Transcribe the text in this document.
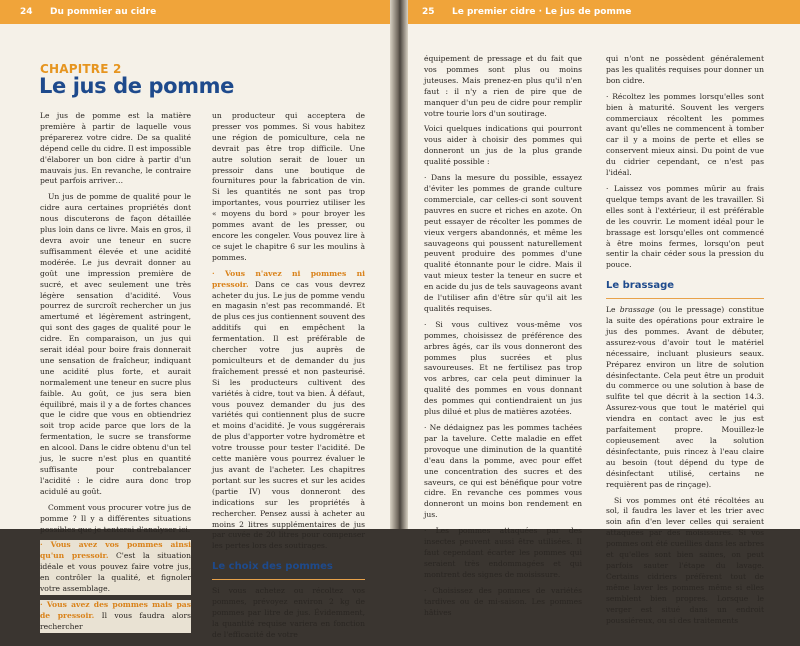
24 Du pommier au cidre
CHAPITRE 2
Le jus de pomme

Le jus de pomme est la matière première à partir de laquelle vous préparerez votre cidre. De sa qualité dépend celle du cidre. Il est impossible d'élaborer un bon cidre à partir d'un mauvais jus. En revanche, le contraire peut parfois arriver…

Un jus de pomme de qualité pour le cidre aura certaines propriétés dont nous discuterons de façon détaillée plus loin dans ce livre. Mais en gros, il devra avoir une teneur en sucre suffisamment élevée et une acidité modérée. Le jus devrait donner au goût une impression première de sucré, et avec seulement une très légère sensation d'acidité. Vous pourrez de surcroît rechercher un jus amertumé et légèrement astringent, qui sont des gages de qualité pour le cidre. En comparaison, un jus qui serait idéal pour boire frais donnerait une sensation de fraîcheur, indiquant une acidité plus forte, et aurait normalement une teneur en sucre plus faible. Au goût, ce jus sera bien équilibré, mais il y a de fortes chances que le cidre que vous en obtiendriez soit trop acide parce que lors de la fermentation, le sucre se transforme en alcool. Dans le cidre obtenu d'un tel jus, le sucre n'est plus en quantité suffisante pour contrebalancer l'acidité : le cidre aura donc trop acidulé au goût.

Comment vous procurer votre jus de pomme ? Il y a différentes situations possibles que je tenterai d'analyser ici.

· Vous avez vos pommes ainsi qu'un pressoir. C'est la situation idéale et vous pouvez faire votre jus, en contrôler la qualité, et fignoler votre assemblage.

· Vous avez des pommes mais pas de pressoir. Il vous faudra alors rechercher

un producteur qui acceptera de presser vos pommes. Si vous habitez une région de pomiculture, cela ne devrait pas être trop difficile. Une autre solution serait de louer un pressoir dans une boutique de fournitures pour la fabrication de vin. Si les quantités ne sont pas trop importantes, vous pourriez utiliser les « moyens du bord » pour broyer les pommes avant de les presser, ou encore les congeler. Vous pouvez lire à ce sujet le chapitre 6 sur les moulins à pommes.

· Vous n'avez ni pommes ni pressoir. Dans ce cas vous devrez acheter du jus. Le jus de pomme vendu en magasin n'est pas recommandé. Et de plus ces jus contiennent souvent des additifs qui en empêchent la fermentation. Il est préférable de chercher votre jus auprès de pomiculteurs et de demander du jus fraîchement pressé et non pasteurisé. Si les producteurs cultivent des variétés à cidre, tout va bien. À défaut, vous pouvez demander du jus des variétés qui contiennent plus de sucre et moins d'acidité. Je vous suggérerais de plus d'apporter votre hydromètre et votre trousse pour tester l'acidité. De cette manière vous pourrez évaluer le jus avant de l'acheter. Les chapitres portant sur les sucres et sur les acides (partie IV) vous donneront des indications sur les propriétés à rechercher. Pensez aussi à acheter au moins 2 litres supplémentaires de jus par cuvée de 20 litres pour compenser les pertes lors des soutirages.

Le choix des pommes

Si vous achetez ou récoltez vos pommes, prévoyez environ 2 kg de pommes par litre de jus. Évidemment, la quantité requise variera en fonction de l'efficacité de votre

25 Le premier cidre · Le jus de pomme

équipement de pressage et du fait que vos pommes sont plus ou moins juteuses. Mais prenez-en plus qu'il n'en faut : il n'y a rien de pire que de manquer d'un peu de cidre pour remplir votre tourie lors d'un soutirage.

Voici quelques indications qui pourront vous aider à choisir des pommes qui donneront un jus de la plus grande qualité possible :

· Dans la mesure du possible, essayez d'éviter les pommes de grande culture commerciale, car celles-ci sont souvent pauvres en sucre et riches en azote. On peut essayer de récolter les pommes de vieux vergers abandonnés, et même les sauvageons qui poussent naturellement peuvent produire des pommes d'une qualité étonnante pour le cidre. Mais il vaut mieux tester la teneur en sucre et en acide du jus de tels sauvageons avant de l'utiliser afin d'être sûr qu'il ait les qualités requises.

· Si vous cultivez vous-même vos pommes, choisissez de préférence des arbres âgés, car ils vous donneront des pommes plus sucrées et plus savoureuses. Et ne fertilisez pas trop vos arbres, car cela peut diminuer la qualité des pommes en vous donnant des pommes qui contiendraient un jus plus dilué et plus de matières azotées.

· Ne dédaignez pas les pommes tachées par la tavelure. Cette maladie en effet provoque une diminution de la quantité d'eau dans la pomme, avec pour effet une concentration des sucres et des saveurs, ce qui est bénéfique pour votre cidre. En revanche ces pommes vous donneront un moins bon rendement en jus.

· Les pommes attaquées par des insectes peuvent aussi être utilisées. Il faut cependant écarter les pommes qui seraient très endommagées et qui montrent des signes de moisissure.

· Choisissez des pommes de variétés tardives ou de mi-saison. Les pommes hâtives

qui n'ont ne possèdent généralement pas les qualités requises pour donner un bon cidre.

· Récoltez les pommes lorsqu'elles sont bien à maturité. Souvent les vergers commerciaux récoltent les pommes avant qu'elles ne commencent à tomber car il y a moins de perte et elles se conservent mieux ainsi. Du point de vue du cidrier cependant, ce n'est pas l'idéal.

· Laissez vos pommes mûrir au frais quelque temps avant de les travailler. Si elles sont à l'extérieur, il est préférable de les couvrir. Le moment idéal pour le brassage est lorsqu'elles ont commencé à être moins fermes, lorsqu'on peut sentir la chair céder sous la pression du pouce.

Le brassage

Le brassage (ou le pressage) constitue la suite des opérations pour extraire le jus des pommes. Avant de débuter, assurez-vous d'avoir tout le matériel nécessaire, incluant plusieurs seaux. Préparez environ un litre de solution désinfectante. Cela peut être un produit du commerce ou une solution à base de sulfite tel que décrit à la section 14.3. Assurez-vous que tout le matériel qui viendra en contact avec le jus est parfaitement propre. Mouillez-le copieusement avec la solution désinfectante, puis rincez à l'eau claire au besoin (tout dépend du type de désinfectant utilisé, certains ne requièrent pas de rinçage).

Si vos pommes ont été récoltées au sol, il faudra les laver et les trier avec soin afin d'en lever celles qui seraient attaquées par des moisissures. Si vos pommes ont été cueillies dans les arbres et qu'elles sont bien saines, on peut parfois sauter l'étape du lavage. Certains cidriers préfèrent tout de même laver les pommes même si elles semblent bien propres. Lorsque le verger est situé dans un endroit poussiéreux, ou si des traitements
